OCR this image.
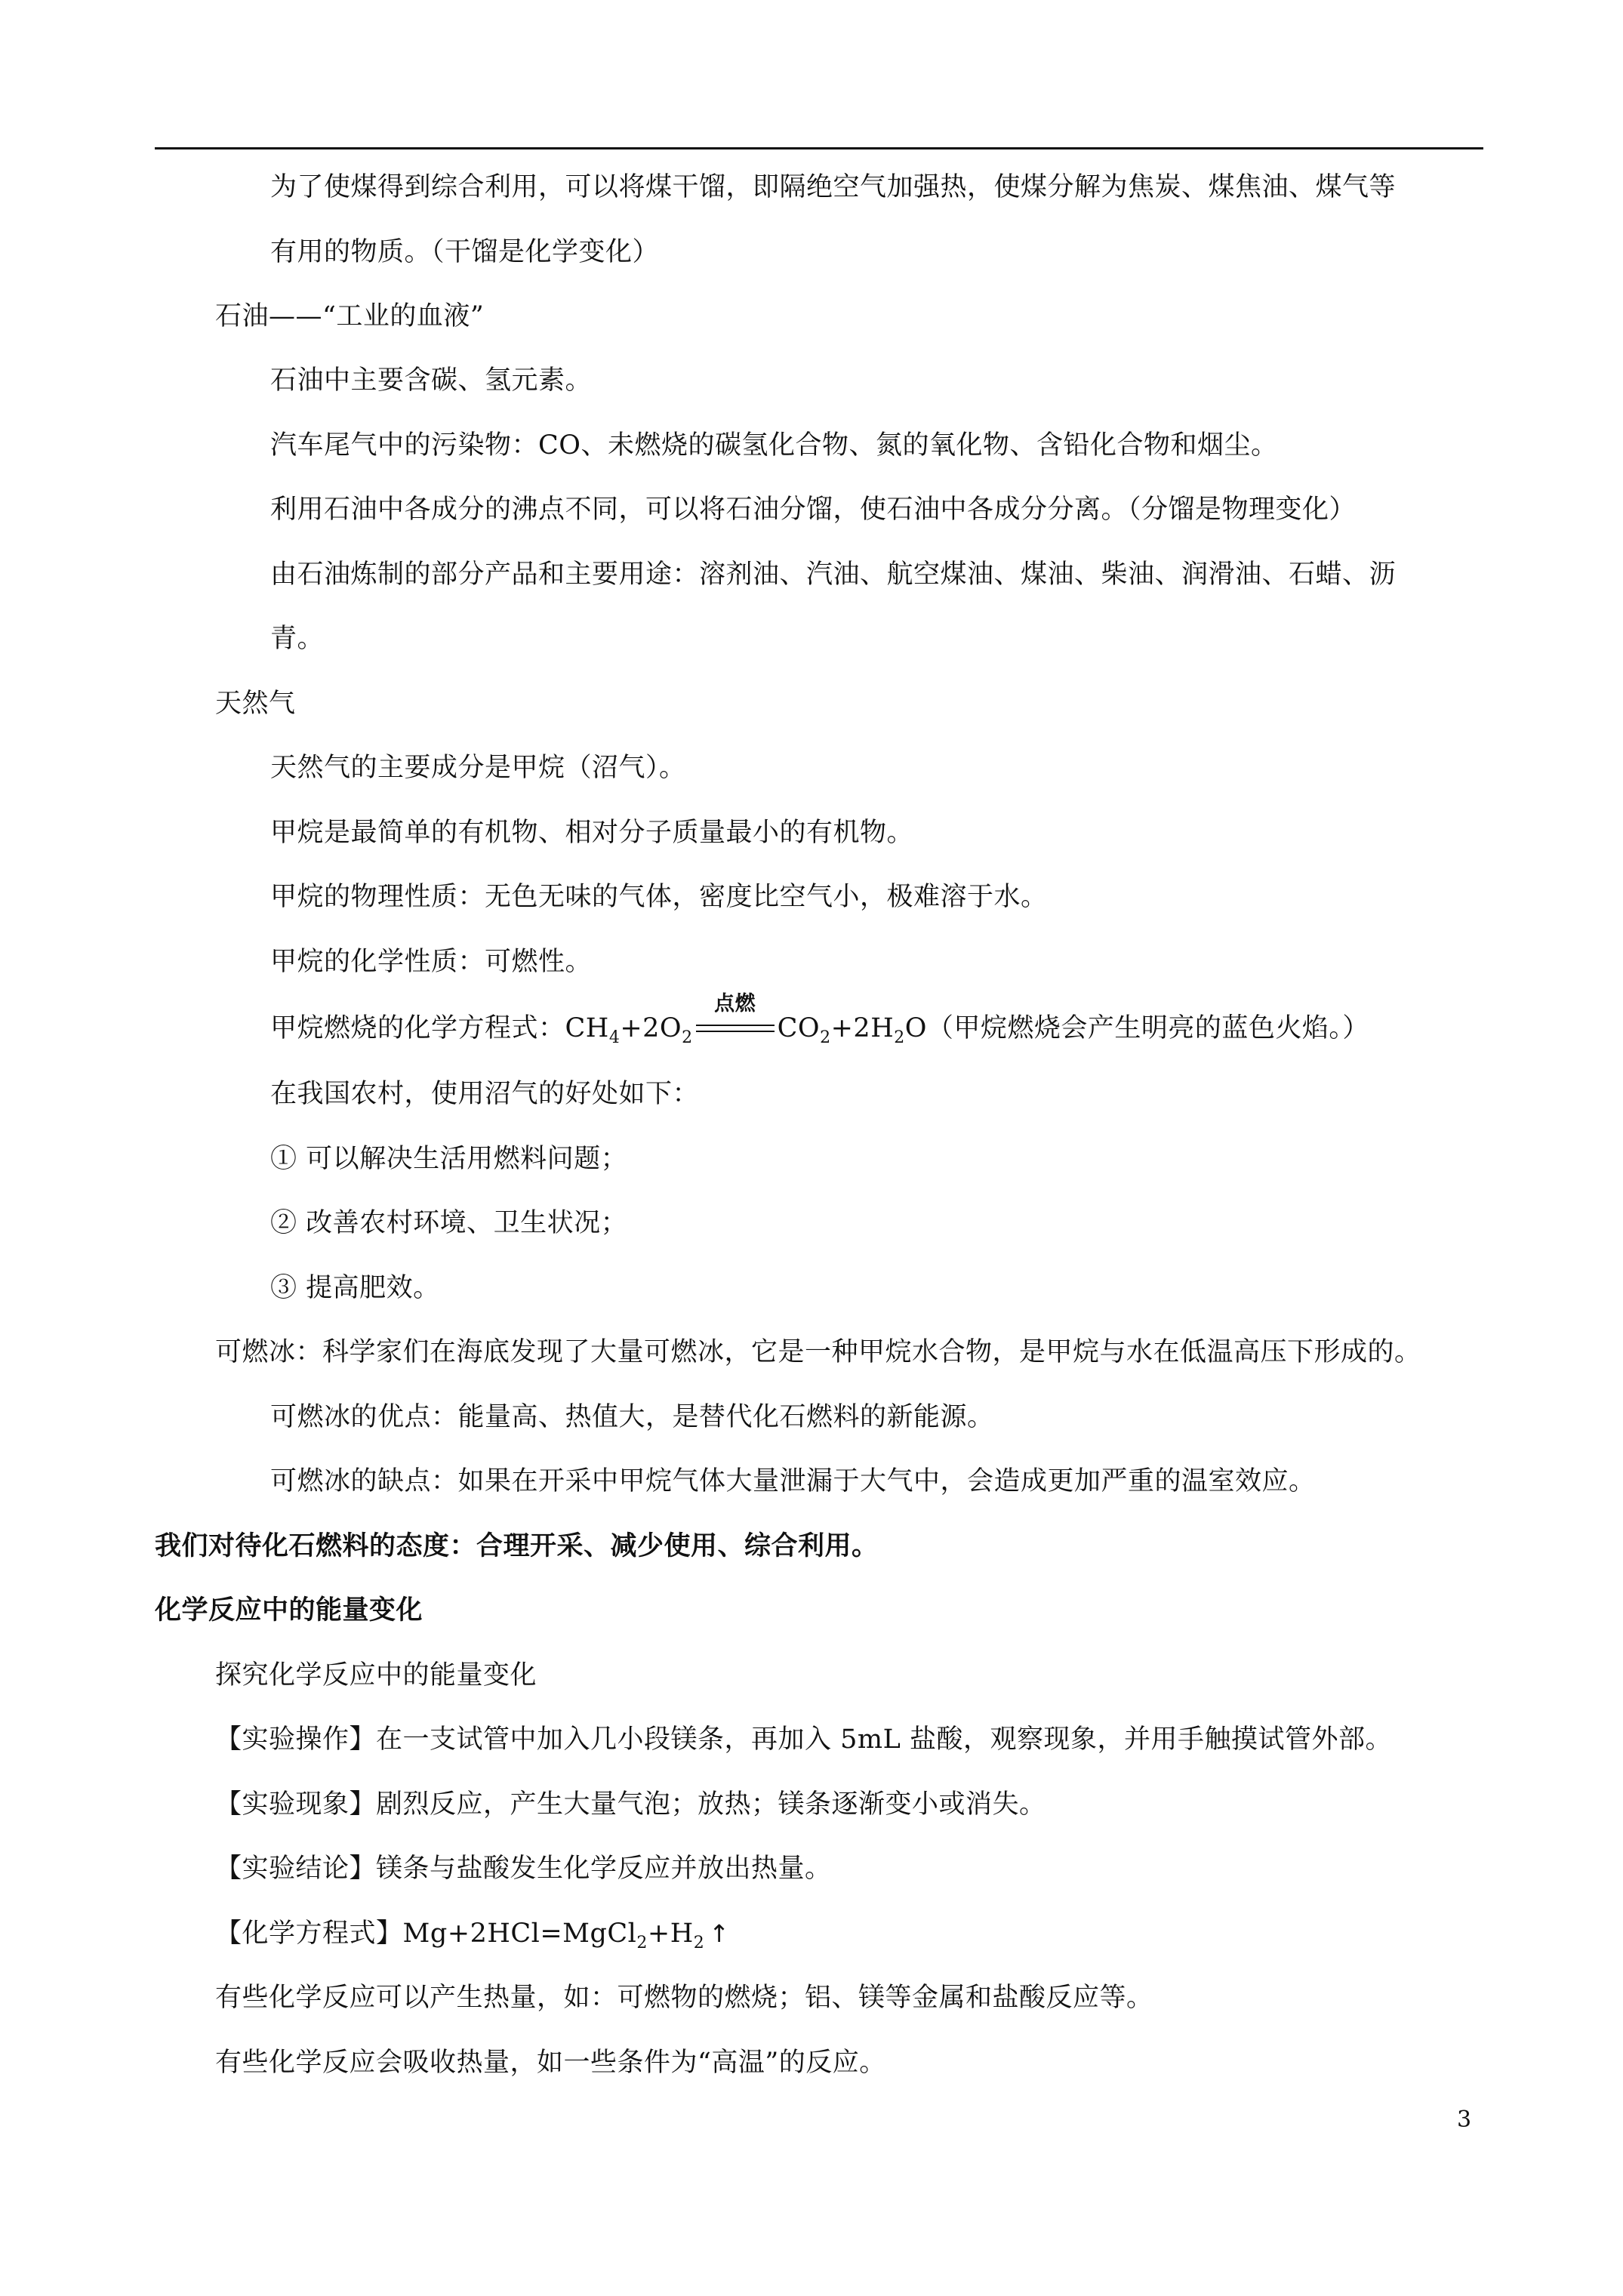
为了使煤得到综合利用，可以将煤干馏，即隔绝空气加强热，使煤分解为焦炭、煤焦油、煤气等
有用的物质。（干馏是化学变化）
石油——“工业的血液”
石油中主要含碳、氢元素。
汽车尾气中的污染物：CO、未燃烧的碳氢化合物、氮的氧化物、含铅化合物和烟尘。
利用石油中各成分的沸点不同，可以将石油分馏，使石油中各成分分离。（分馏是物理变化）
由石油炼制的部分产品和主要用途：溶剂油、汽油、航空煤油、煤油、柴油、润滑油、石蜡、沥
青。
天然气
天然气的主要成分是甲烷（沼气）。
甲烷是最简单的有机物、相对分子质量最小的有机物。
甲烷的物理性质：无色无味的气体，密度比空气小，极难溶于水。
甲烷的化学性质：可燃性。
甲烷燃烧的化学方程式：$CH_4+2O_2$
点燃
$CO_2+2H_2O$（甲烷燃烧会产生明亮的蓝色火焰。）
在我国农村，使用沼气的好处如下：
① 可以解决生活用燃料问题；
② 改善农村环境、卫生状况；
③ 提高肥效。
可燃冰：科学家们在海底发现了大量可燃冰，它是一种甲烷水合物，是甲烷与水在低温高压下形成的。
可燃冰的优点：能量高、热值大，是替代化石燃料的新能源。
可燃冰的缺点：如果在开采中甲烷气体大量泄漏于大气中，会造成更加严重的温室效应。
我们对待化石燃料的态度：合理开采、减少使用、综合利用。
化学反应中的能量变化
探究化学反应中的能量变化
【实验操作】在一支试管中加入几小段镁条，再加入 5mL 盐酸，观察现象，并用手触摸试管外部。
【实验现象】剧烈反应，产生大量气泡；放热；镁条逐渐变小或消失。
【实验结论】镁条与盐酸发生化学反应并放出热量。
【化学方程式】$Mg+2HCl=MgCl_2+H_2$ ↑
有些化学反应可以产生热量，如：可燃物的燃烧；铝、镁等金属和盐酸反应等。
有些化学反应会吸收热量，如一些条件为“高温”的反应。
3
